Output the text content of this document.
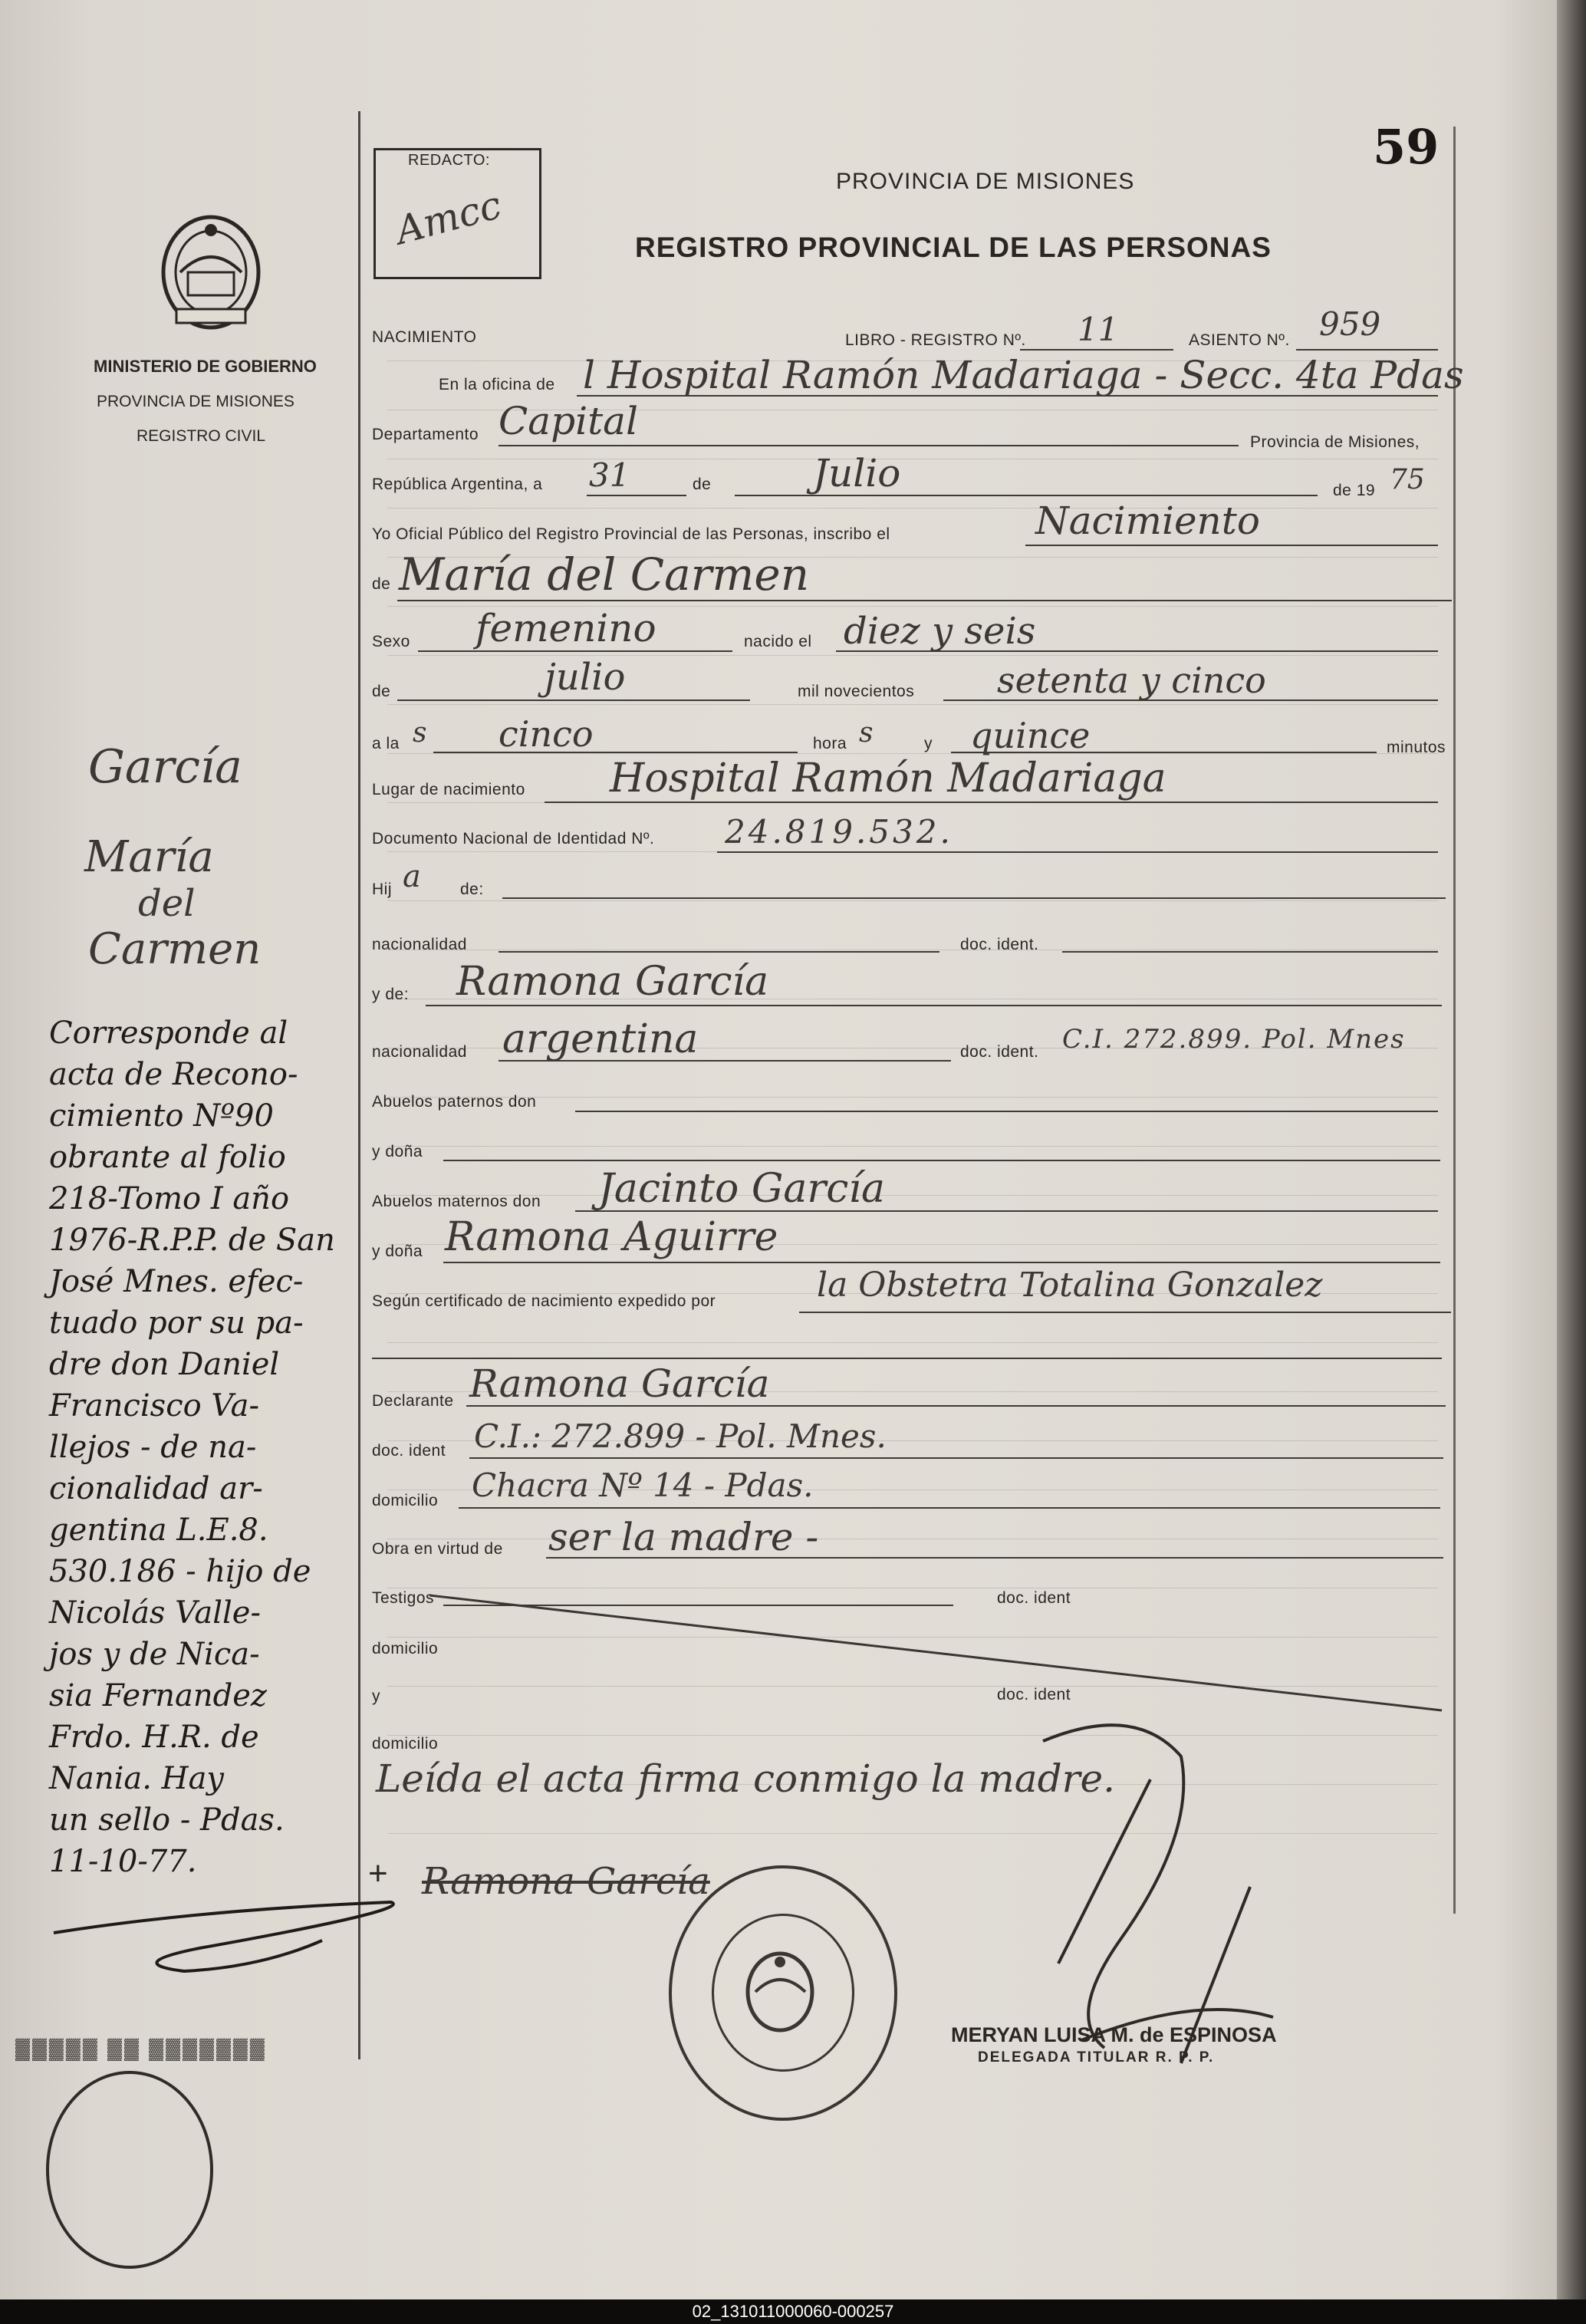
59
MINISTERIO DE GOBIERNO
PROVINCIA DE MISIONES
REGISTRO CIVIL
REDACTO:
Amcc
PROVINCIA DE MISIONES
REGISTRO PROVINCIAL DE LAS PERSONAS
NACIMIENTO	LIBRO - REGISTRO Nº. 11	ASIENTO Nº. 959
En la oficina de l Hospital Ramón Madariaga - Secc. 4ta Pdas
Departamento Capital	Provincia de Misiones,
República Argentina, a 31	de	Julio	de 19 75
Yo Oficial Público del Registro Provincial de las Personas, inscribo el	Nacimiento
de María del Carmen
Sexo femenino	nacido el diez y seis
de	julio	mil novecientos setenta y cinco
a la s cinco	hora s	y quince	minutos
Lugar de nacimiento Hospital Ramón Madariaga
Documento Nacional de Identidad Nº. 24.819.532.
Hij a de:
nacionalidad	doc. ident.
y de: Ramona García
nacionalidad argentina	doc. ident. C.I. 272.899. Pol. Mnes
Abuelos paternos don
y doña
Abuelos maternos don Jacinto García
y doña Ramona Aguirre
Según certificado de nacimiento expedido por	la Obstetra Totalina Gonzalez
Declarante Ramona García
doc. ident C.I.: 272.899 - Pol. Mnes.
domicilio Chacra Nº 14 - Pdas.
Obra en virtud de ser la madre -
Testigos	doc. ident
domicilio
y	doc. ident
domicilio
Leída el acta firma conmigo la madre.
+ Ramona García
MERYAN LUISA M. de ESPINOSA
DELEGADA TITULAR R. P. P.
García
María
del
Carmen
Corresponde al
acta de Recono-
cimiento Nº90
obrante al folio
218-Tomo I año
1976-R.P.P. de San
José Mnes. efec-
tuado por su pa-
dre don Daniel
Francisco Va-
llejos - de na-
cionalidad ar-
gentina L.E.8.
530.186 - hijo de
Nicolás Valle-
jos y de Nica-
sia Fernandez
Frdo. H.R. de
Nania. Hay
un sello - Pdas.
11-10-77.
▓▓▓▓▓ ▓▓ ▓▓▓▓▓▓▓
02_131011000060-000257
